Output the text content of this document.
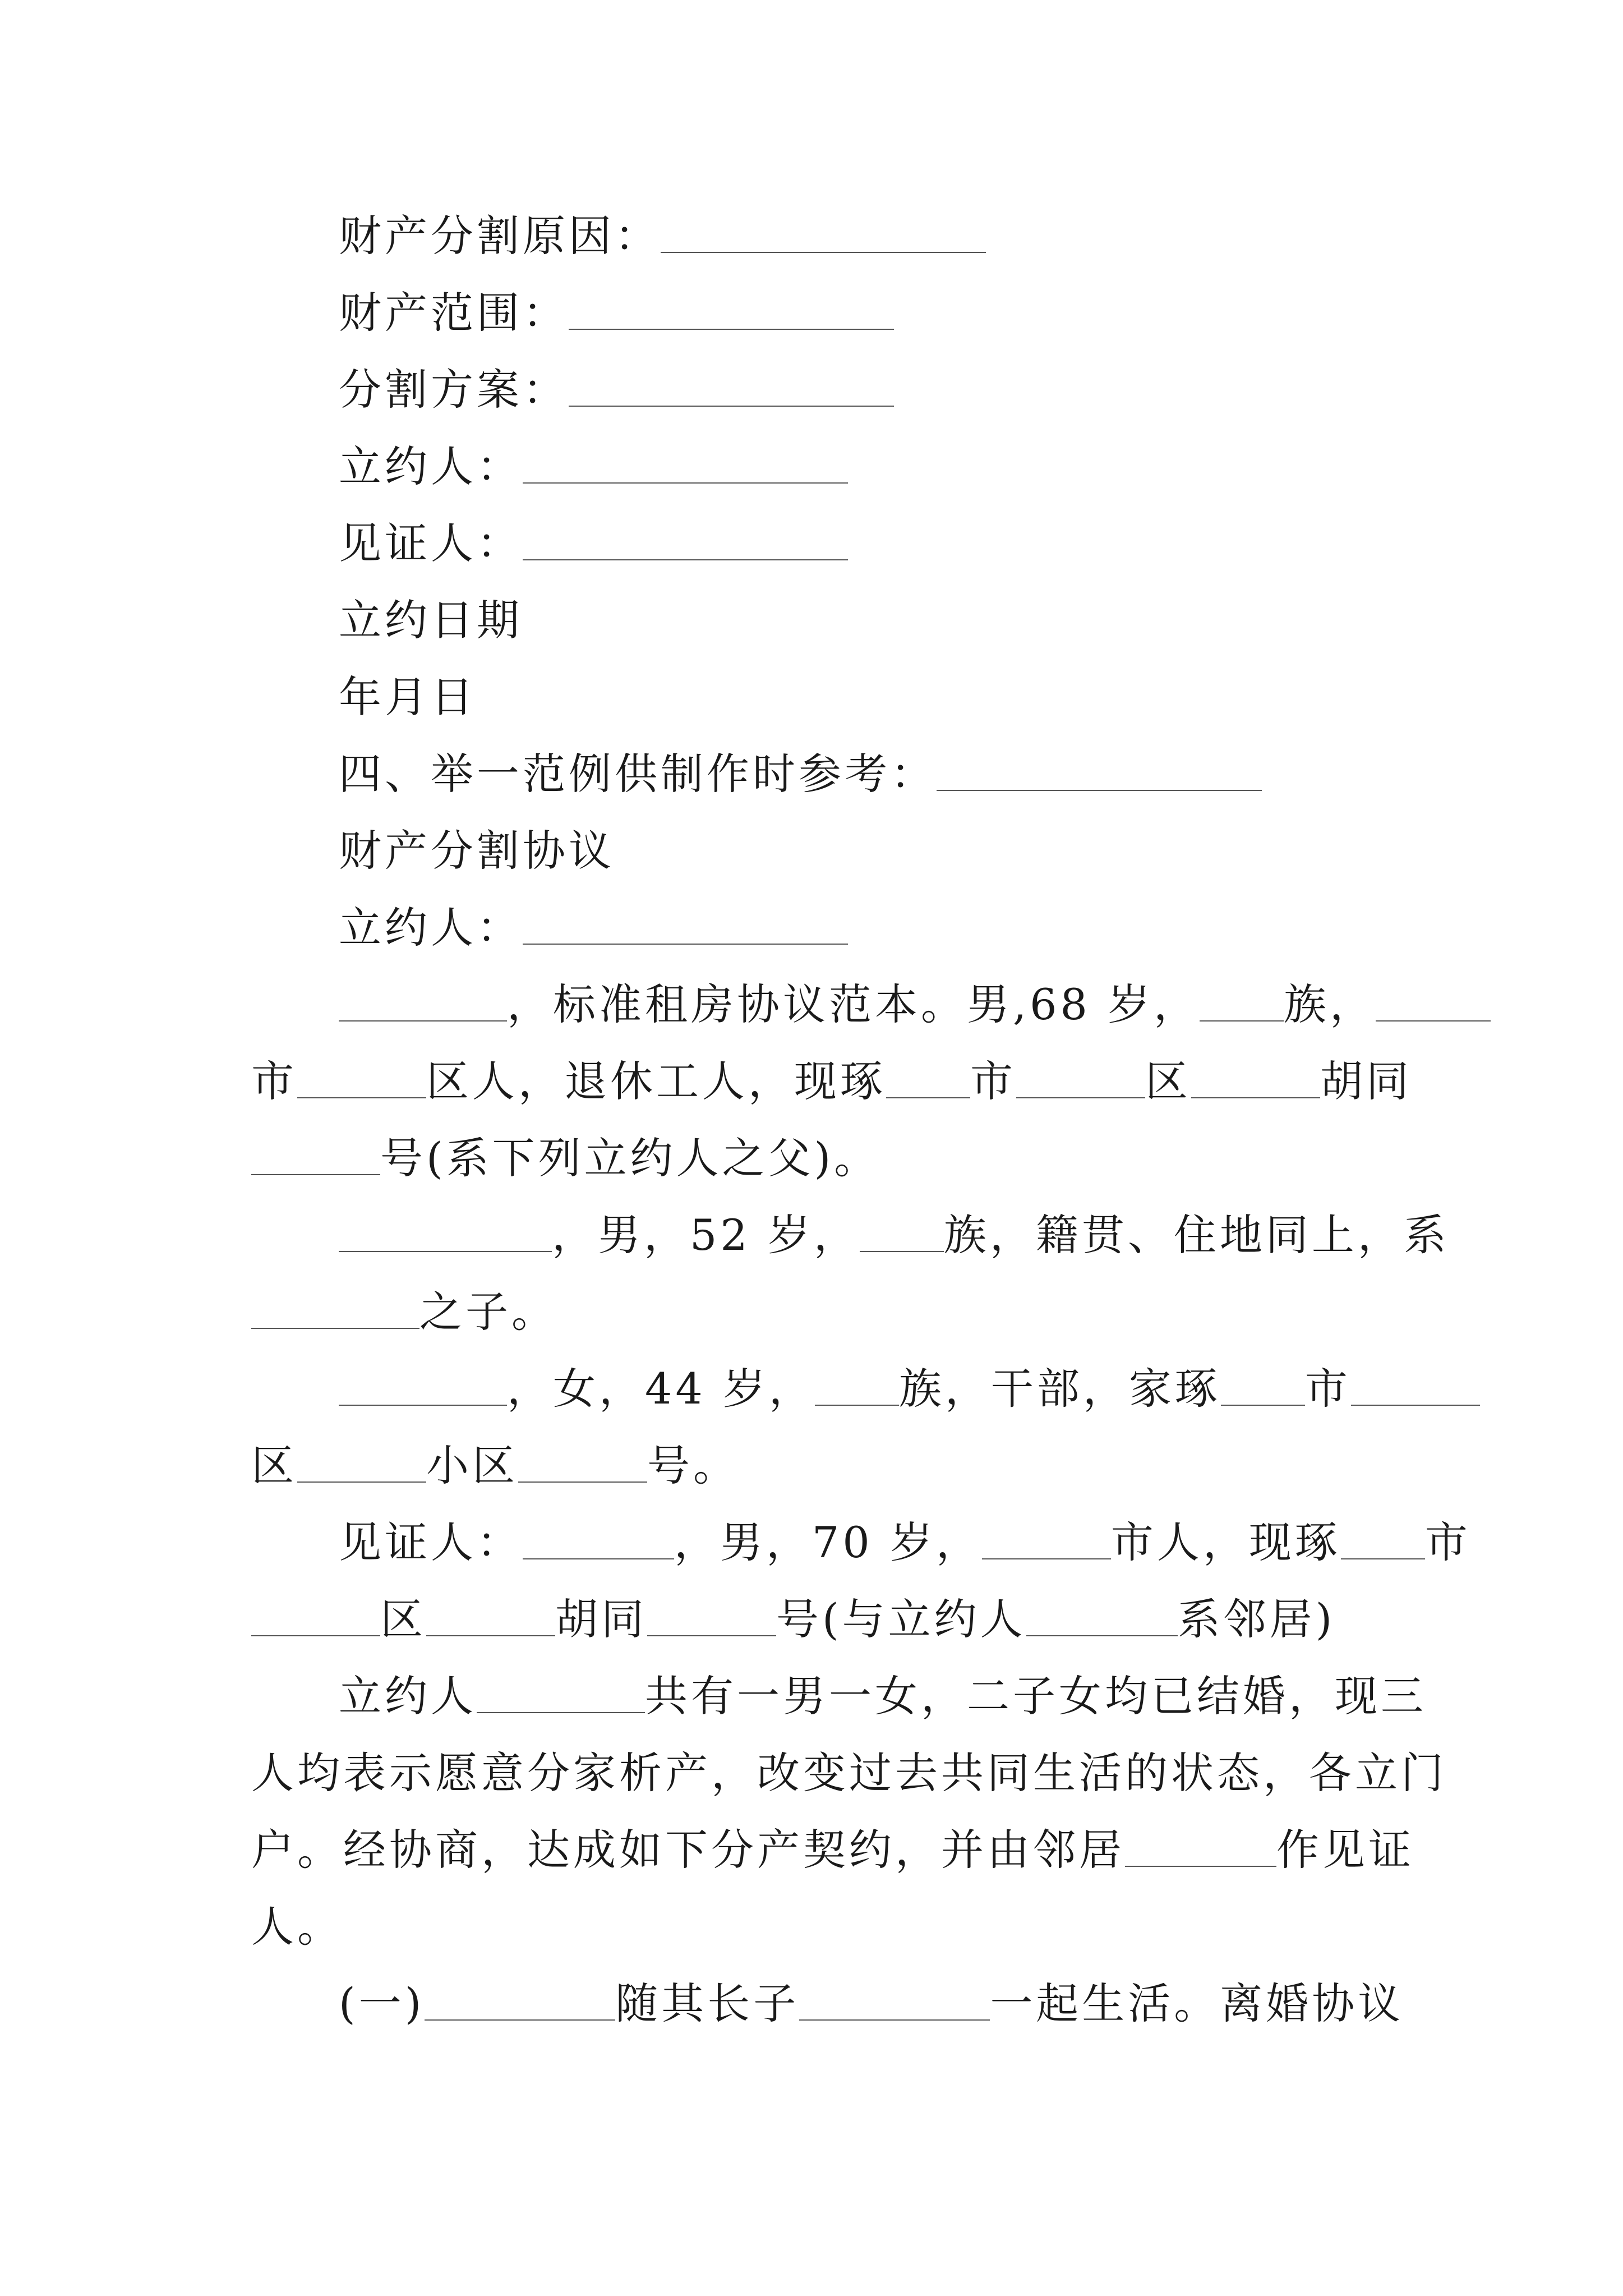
财产分割原因：
财产范围：
分割方案：
立约人：
见证人：
立约日期
年月日
四、举一范例供制作时参考：
财产分割协议
立约人：
，标准租房协议范本。男,68 岁， 族，
市	区人，退休工人，现琢 市	区	胡同
号(系下列立约人之父)。
，男，52 岁， 族，籍贯、住地同上，系
之子。
，女，44 岁， 族，干部，家琢 市
区	小区	号。
见证人：	，男，70 岁，	市人，现琢 市
区	胡同	号(与立约人	系邻居)
立约人	共有一男一女，二子女均已结婚，现三
人均表示愿意分家析产，改变过去共同生活的状态，各立门
户。经协商，达成如下分产契约，并由邻居	作见证
人。
(一)	随其长子	一起生活。离婚协议
